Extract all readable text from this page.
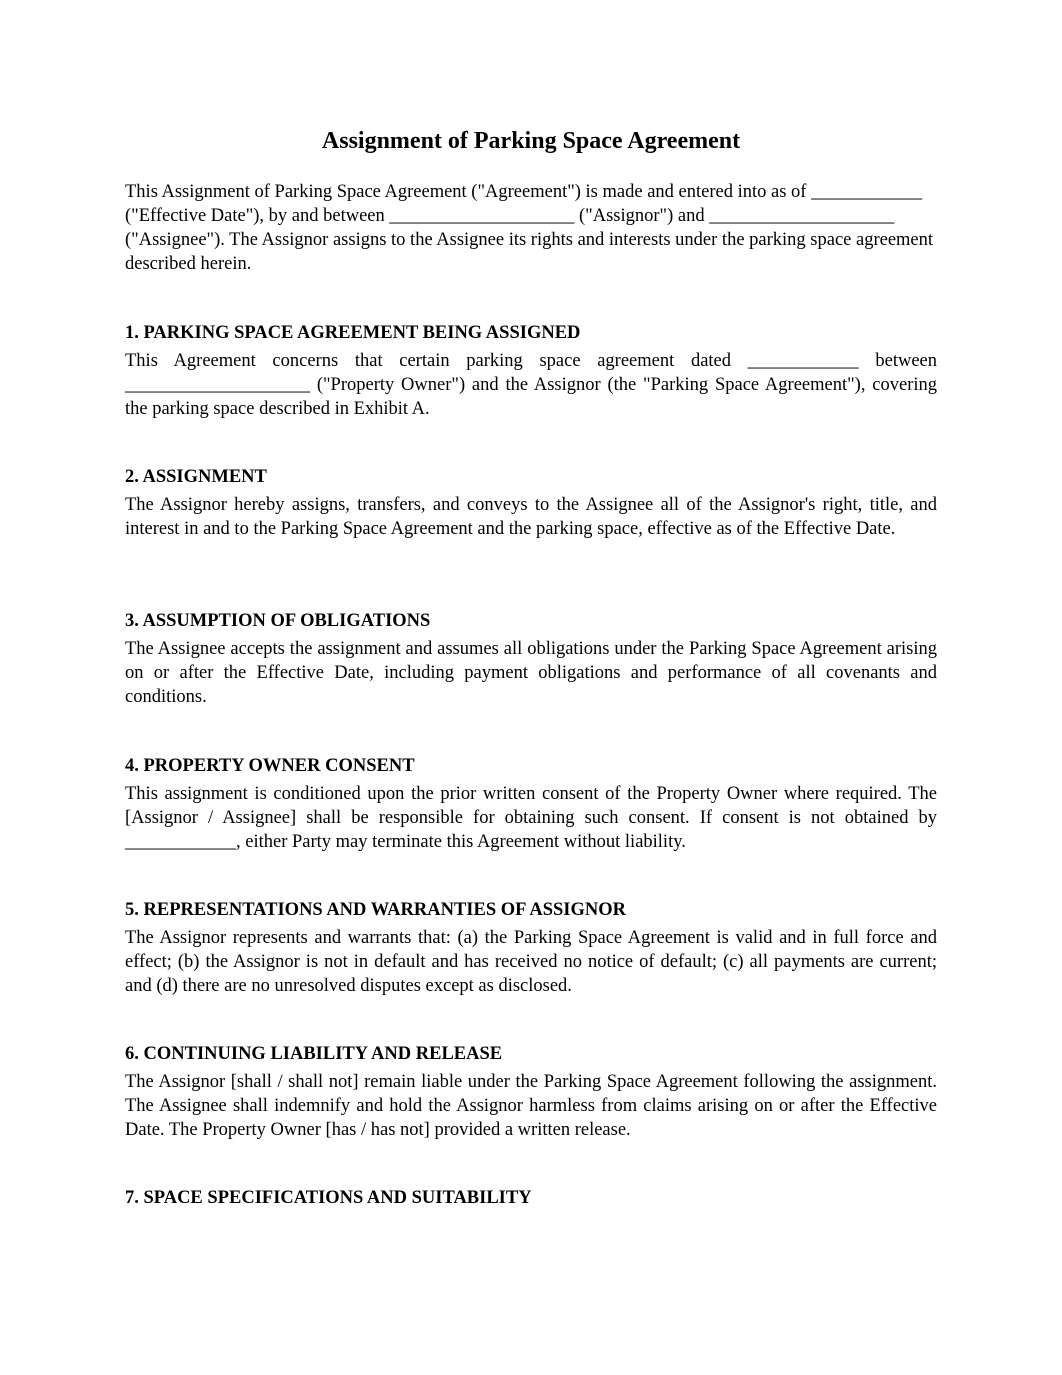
Assignment of Parking Space Agreement

This Assignment of Parking Space Agreement ("Agreement") is made and entered into as of ____________ ("Effective Date"), by and between ____________________ ("Assignor") and ____________________ ("Assignee"). The Assignor assigns to the Assignee its rights and interests under the parking space agreement described herein.

1. PARKING SPACE AGREEMENT BEING ASSIGNED

This Agreement concerns that certain parking space agreement dated ____________ between ____________________ ("Property Owner") and the Assignor (the "Parking Space Agreement"), covering the parking space described in Exhibit A.

2. ASSIGNMENT

The Assignor hereby assigns, transfers, and conveys to the Assignee all of the Assignor's right, title, and interest in and to the Parking Space Agreement and the parking space, effective as of the Effective Date.

3. ASSUMPTION OF OBLIGATIONS

The Assignee accepts the assignment and assumes all obligations under the Parking Space Agreement arising on or after the Effective Date, including payment obligations and performance of all covenants and conditions.

4. PROPERTY OWNER CONSENT

This assignment is conditioned upon the prior written consent of the Property Owner where required. The [Assignor / Assignee] shall be responsible for obtaining such consent. If consent is not obtained by ____________, either Party may terminate this Agreement without liability.

5. REPRESENTATIONS AND WARRANTIES OF ASSIGNOR

The Assignor represents and warrants that: (a) the Parking Space Agreement is valid and in full force and effect; (b) the Assignor is not in default and has received no notice of default; (c) all payments are current; and (d) there are no unresolved disputes except as disclosed.

6. CONTINUING LIABILITY AND RELEASE

The Assignor [shall / shall not] remain liable under the Parking Space Agreement following the assignment. The Assignee shall indemnify and hold the Assignor harmless from claims arising on or after the Effective Date. The Property Owner [has / has not] provided a written release.

7. SPACE SPECIFICATIONS AND SUITABILITY
